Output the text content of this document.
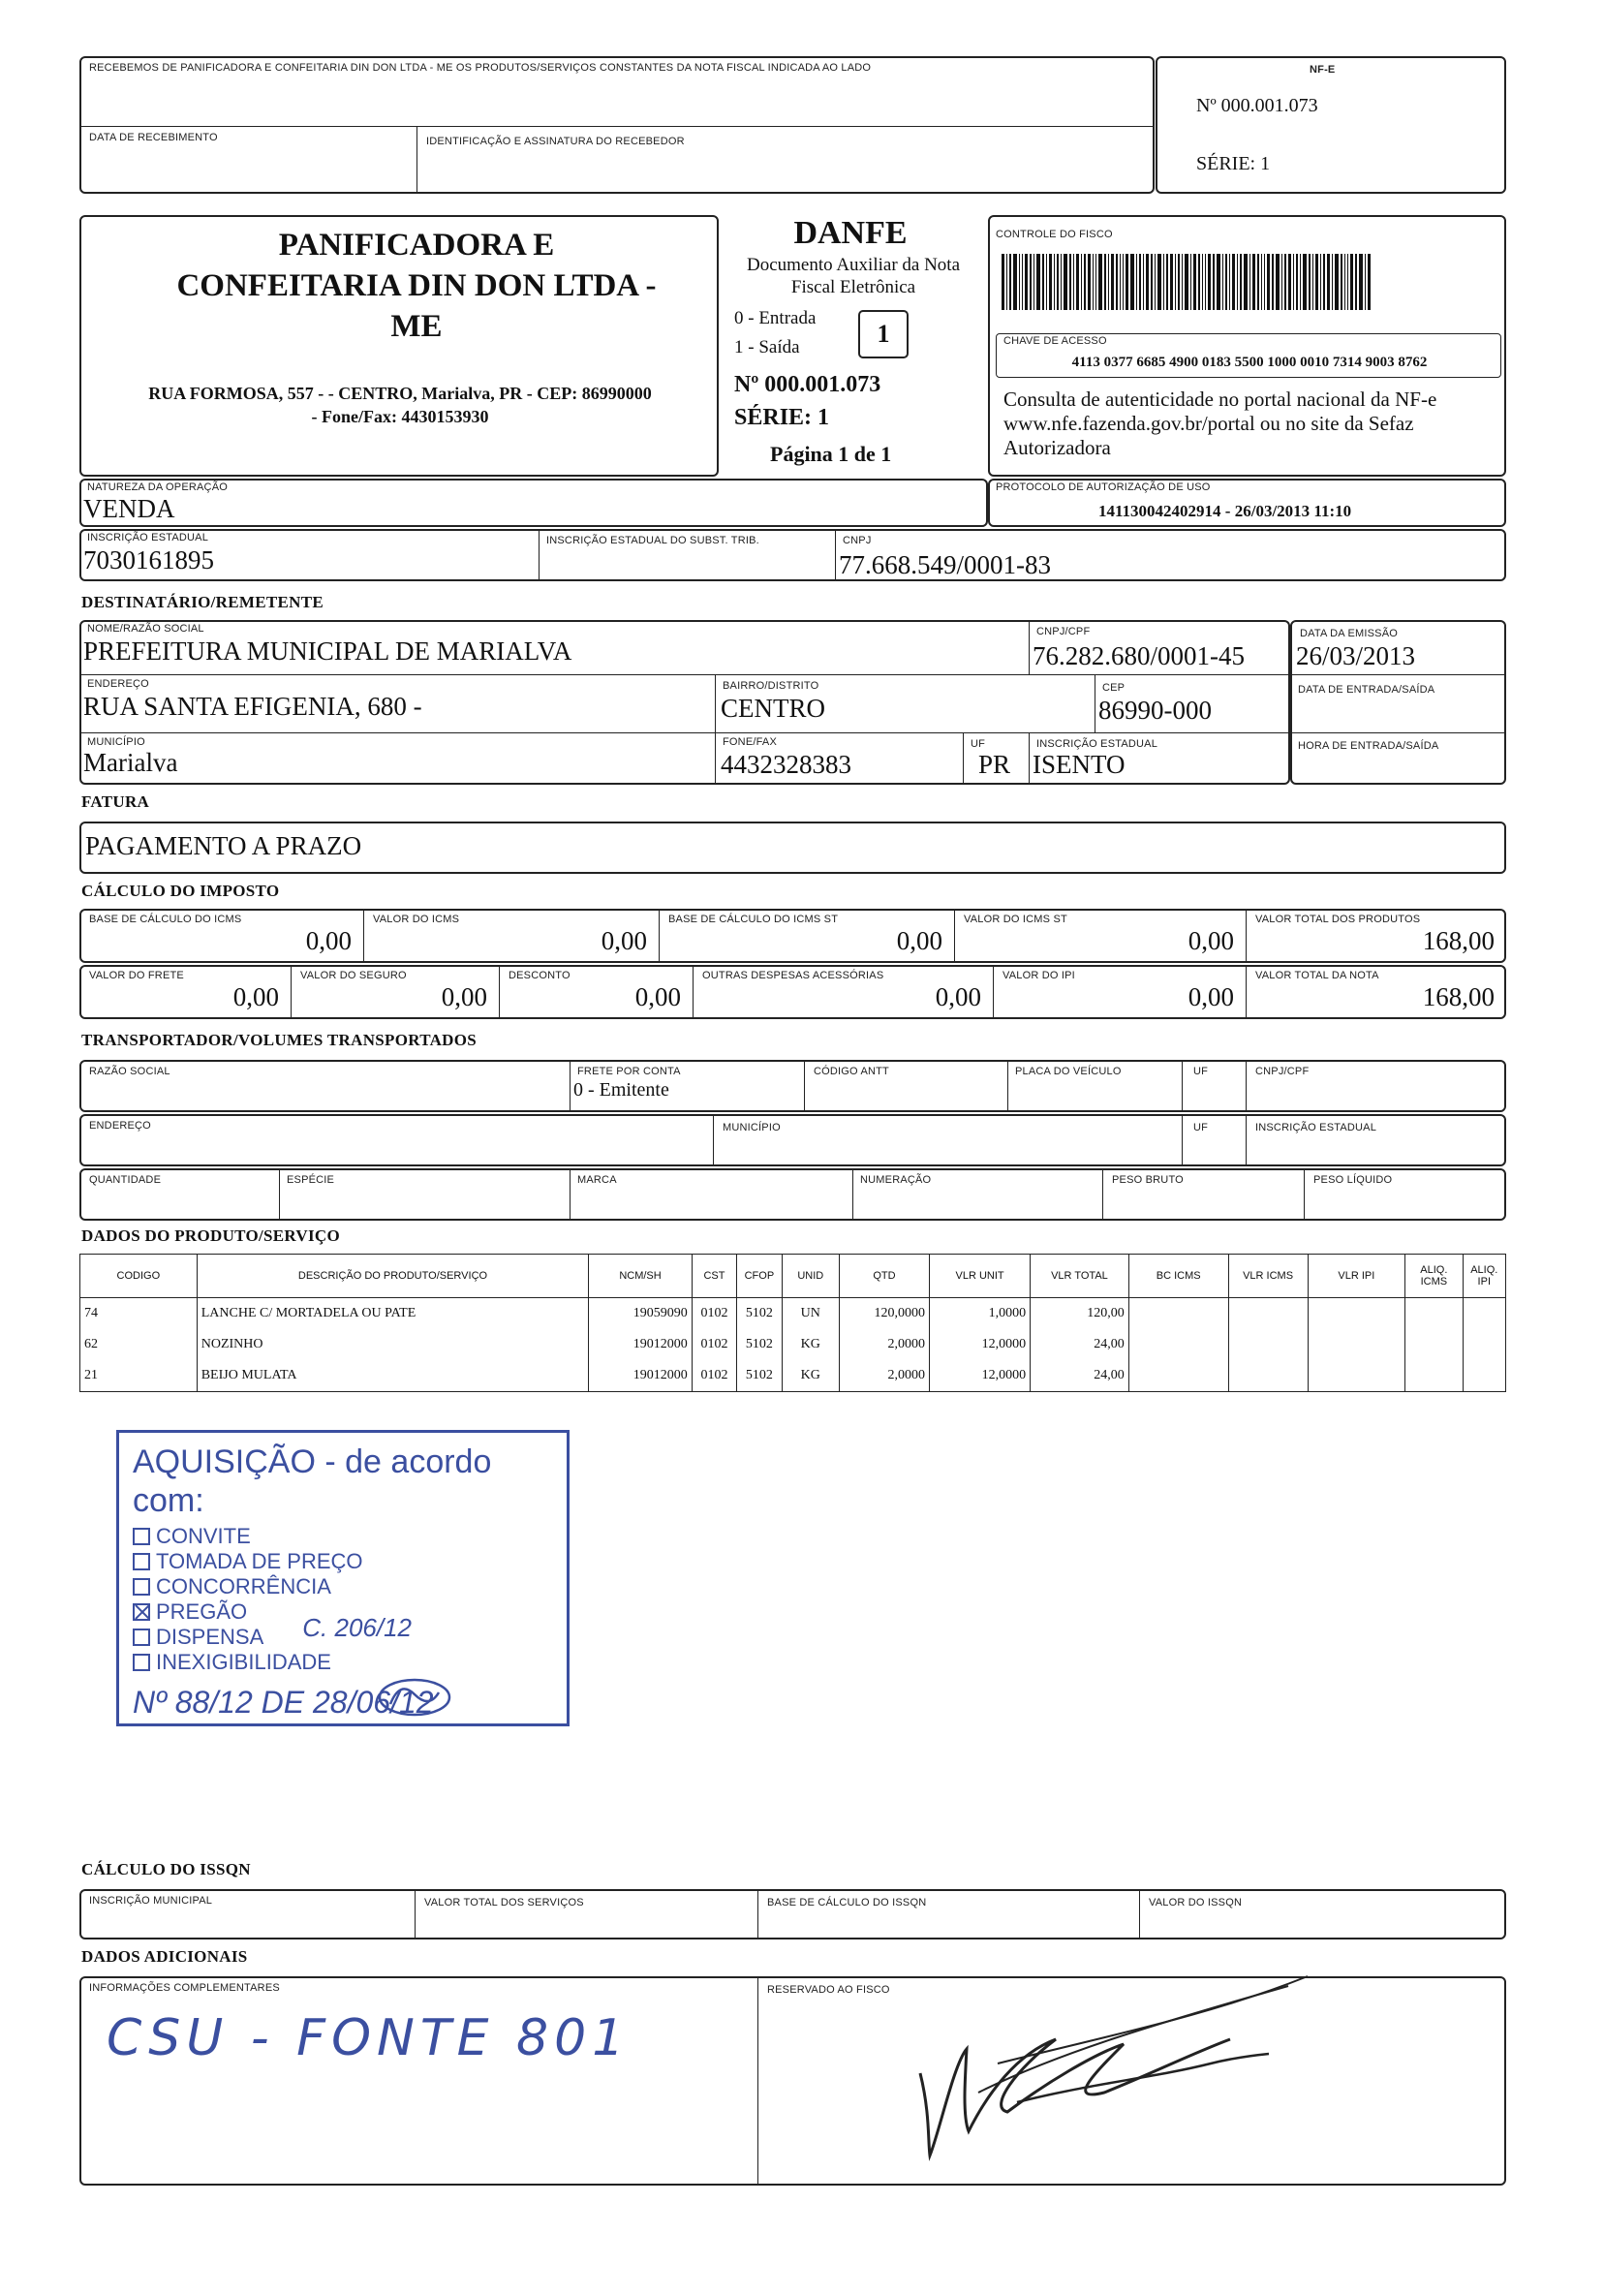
RECEBEMOS DE PANIFICADORA E CONFEITARIA DIN DON LTDA - ME OS PRODUTOS/SERVIÇOS CONSTANTES DA NOTA FISCAL INDICADA AO LADO
DATA DE RECEBIMENTO	IDENTIFICAÇÃO E ASSINATURA DO RECEBEDOR
NF-E
Nº 000.001.073
SÉRIE: 1
PANIFICADORA E CONFEITARIA DIN DON LTDA - ME
RUA FORMOSA, 557 - - CENTRO, Marialva, PR - CEP: 86990000
- Fone/Fax: 4430153930
DANFE
Documento Auxiliar da Nota Fiscal Eletrônica
0 - Entrada
1 - Saída	1
Nº 000.001.073
SÉRIE: 1
Página 1 de 1
CONTROLE DO FISCO
CHAVE DE ACESSO
4113 0377 6685 4900 0183 5500 1000 0010 7314 9003 8762
Consulta de autenticidade no portal nacional da NF-e www.nfe.fazenda.gov.br/portal ou no site da Sefaz Autorizadora
NATUREZA DA OPERAÇÃO
VENDA
PROTOCOLO DE AUTORIZAÇÃO DE USO
141130042402914 - 26/03/2013 11:10
INSCRIÇÃO ESTADUAL
7030161895
INSCRIÇÃO ESTADUAL DO SUBST. TRIB.	CNPJ
77.668.549/0001-83
DESTINATÁRIO/REMETENTE
NOME/RAZÃO SOCIAL
PREFEITURA MUNICIPAL DE MARIALVA
CNPJ/CPF
76.282.680/0001-45
ENDEREÇO
RUA SANTA EFIGENIA, 680 -
BAIRRO/DISTRITO
CENTRO
CEP
86990-000
MUNICÍPIO
Marialva
FONE/FAX
4432328383
UF
PR
INSCRIÇÃO ESTADUAL
ISENTO
DATA DA EMISSÃO
26/03/2013
DATA DE ENTRADA/SAÍDA
HORA DE ENTRADA/SAÍDA
FATURA
PAGAMENTO A PRAZO
CÁLCULO DO IMPOSTO
BASE DE CÁLCULO DO ICMS
0,00
VALOR DO ICMS
0,00
BASE DE CÁLCULO DO ICMS ST
0,00
VALOR DO ICMS ST
0,00
VALOR TOTAL DOS PRODUTOS
168,00
VALOR DO FRETE
0,00
VALOR DO SEGURO
0,00
DESCONTO
0,00
OUTRAS DESPESAS ACESSÓRIAS
0,00
VALOR DO IPI
0,00
VALOR TOTAL DA NOTA
168,00
TRANSPORTADOR/VOLUMES TRANSPORTADOS
RAZÃO SOCIAL	FRETE POR CONTA
0 - Emitente
CÓDIGO ANTT	PLACA DO VEÍCULO	UF	CNPJ/CPF
ENDEREÇO	MUNICÍPIO	UF	INSCRIÇÃO ESTADUAL
QUANTIDADE	ESPÉCIE	MARCA	NUMERAÇÃO	PESO BRUTO	PESO LÍQUIDO
DADOS DO PRODUTO/SERVIÇO
CODIGO	DESCRIÇÃO DO PRODUTO/SERVIÇO	NCM/SH	CST	CFOP	UNID	QTD	VLR UNIT	VLR TOTAL	BC ICMS	VLR ICMS	VLR IPI	ALIQ. ICMS	ALIQ. IPI
74	LANCHE C/ MORTADELA OU PATE	19059090	0102	5102	UN	120,0000	1,0000	120,00					
62	NOZINHO	19012000	0102	5102	KG	2,0000	12,0000	24,00					
21	BEIJO MULATA	19012000	0102	5102	KG	2,0000	12,0000	24,00					
AQUISIÇÃO - de acordo com:
CONVITE
TOMADA DE PREÇO
CONCORRÊNCIA
PREGÃO
DISPENSA C. 206/12
INEXIGIBILIDADE
Nº 88/12 DE 28/06/12
CÁLCULO DO ISSQN
INSCRIÇÃO MUNICIPAL	VALOR TOTAL DOS SERVIÇOS	BASE DE CÁLCULO DO ISSQN	VALOR DO ISSQN
DADOS ADICIONAIS
INFORMAÇÕES COMPLEMENTARES
CSU - FONTE 801
RESERVADO AO FISCO
